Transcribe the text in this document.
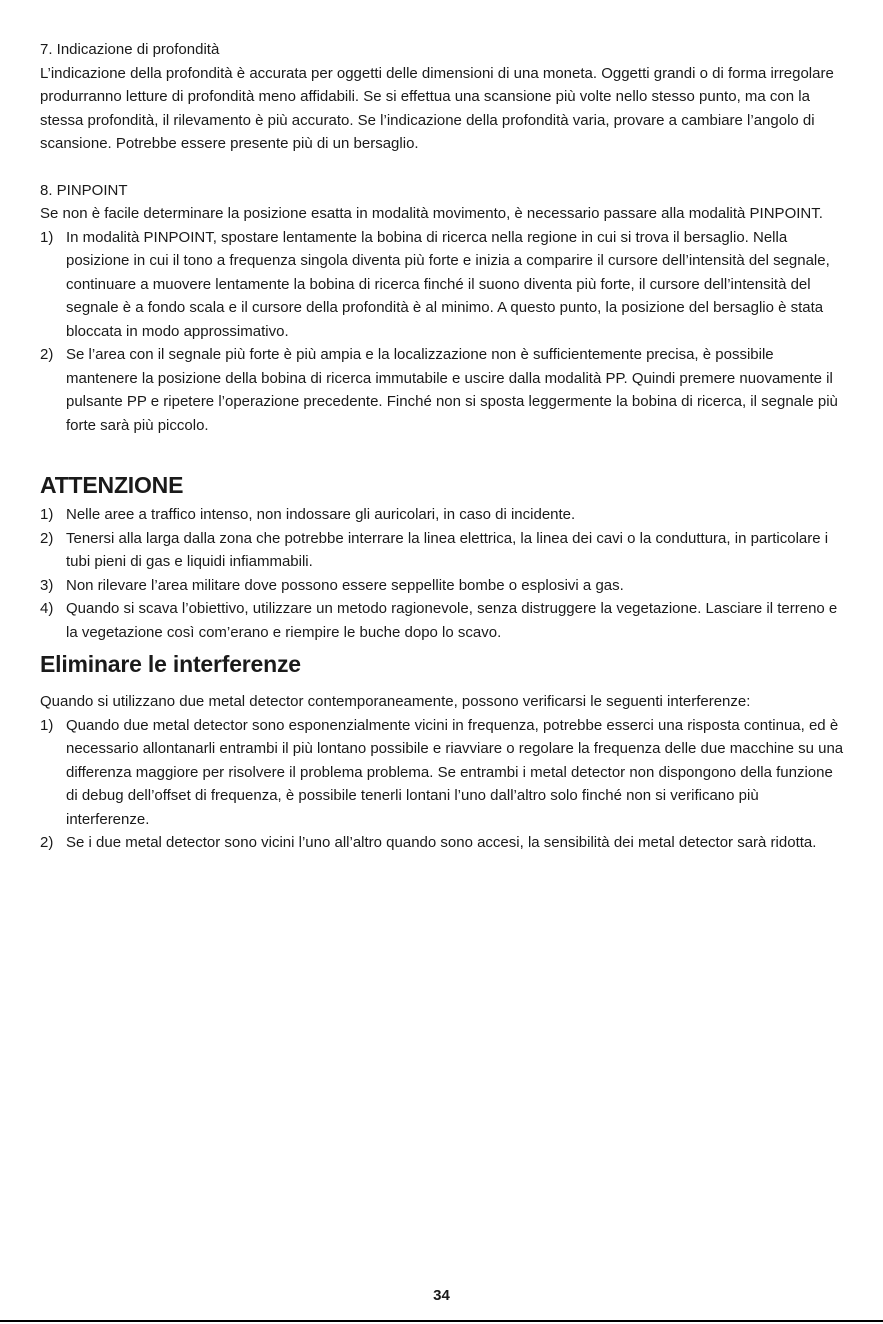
7. Indicazione di profondità

L’indicazione della profondità è accurata per oggetti delle dimensioni di una moneta. Oggetti grandi o di forma irregolare produrranno letture di profondità meno affidabili. Se si effettua una scansione più volte nello stesso punto, ma con la stessa profondità, il rilevamento è più accurato. Se l’indicazione della profondità varia, provare a cambiare l’angolo di scansione. Potrebbe essere presente più di un bersaglio.

8. PINPOINT

Se non è facile determinare la posizione esatta in modalità movimento, è necessario passare alla modalità PINPOINT.

1) In modalità PINPOINT, spostare lentamente la bobina di ricerca nella regione in cui si trova il bersaglio. Nella posizione in cui il tono a frequenza singola diventa più forte e inizia a comparire il cursore dell’intensità del segnale, continuare a muovere lentamente la bobina di ricerca finché il suono diventa più forte, il cursore dell’intensità del segnale è a fondo scala e il cursore della profondità è al minimo. A questo punto, la posizione del bersaglio è stata bloccata in modo approssimativo.
2) Se l’area con il segnale più forte è più ampia e la localizzazione non è sufficientemente precisa, è possibile mantenere la posizione della bobina di ricerca immutabile e uscire dalla modalità PP. Quindi premere nuovamente il pulsante PP e ripetere l’operazione precedente. Finché non si sposta leggermente la bobina di ricerca, il segnale più forte sarà più piccolo.
ATTENZIONE
1) Nelle aree a traffico intenso, non indossare gli auricolari, in caso di incidente.
2) Tenersi alla larga dalla zona che potrebbe interrare la linea elettrica, la linea dei cavi o la conduttura, in particolare i tubi pieni di gas e liquidi infiammabili.
3) Non rilevare l’area militare dove possono essere seppellite bombe o esplosivi a gas.
4) Quando si scava l’obiettivo, utilizzare un metodo ragionevole, senza distruggere la vegetazione. Lasciare il terreno e la vegetazione così com’erano e riempire le buche dopo lo scavo.
Eliminare le interferenze

Quando si utilizzano due metal detector contemporaneamente, possono verificarsi le seguenti interferenze:

1) Quando due metal detector sono esponenzialmente vicini in frequenza, potrebbe esserci una risposta continua, ed è necessario allontanarli entrambi il più lontano possibile e riavviare o regolare la frequenza delle due macchine su una differenza maggiore per risolvere il problema problema. Se entrambi i metal detector non dispongono della funzione di debug dell’offset di frequenza, è possibile tenerli lontani l’uno dall’altro solo finché non si verificano più interferenze.
2) Se i due metal detector sono vicini l’uno all’altro quando sono accesi, la sensibilità dei metal detector sarà ridotta.
34
